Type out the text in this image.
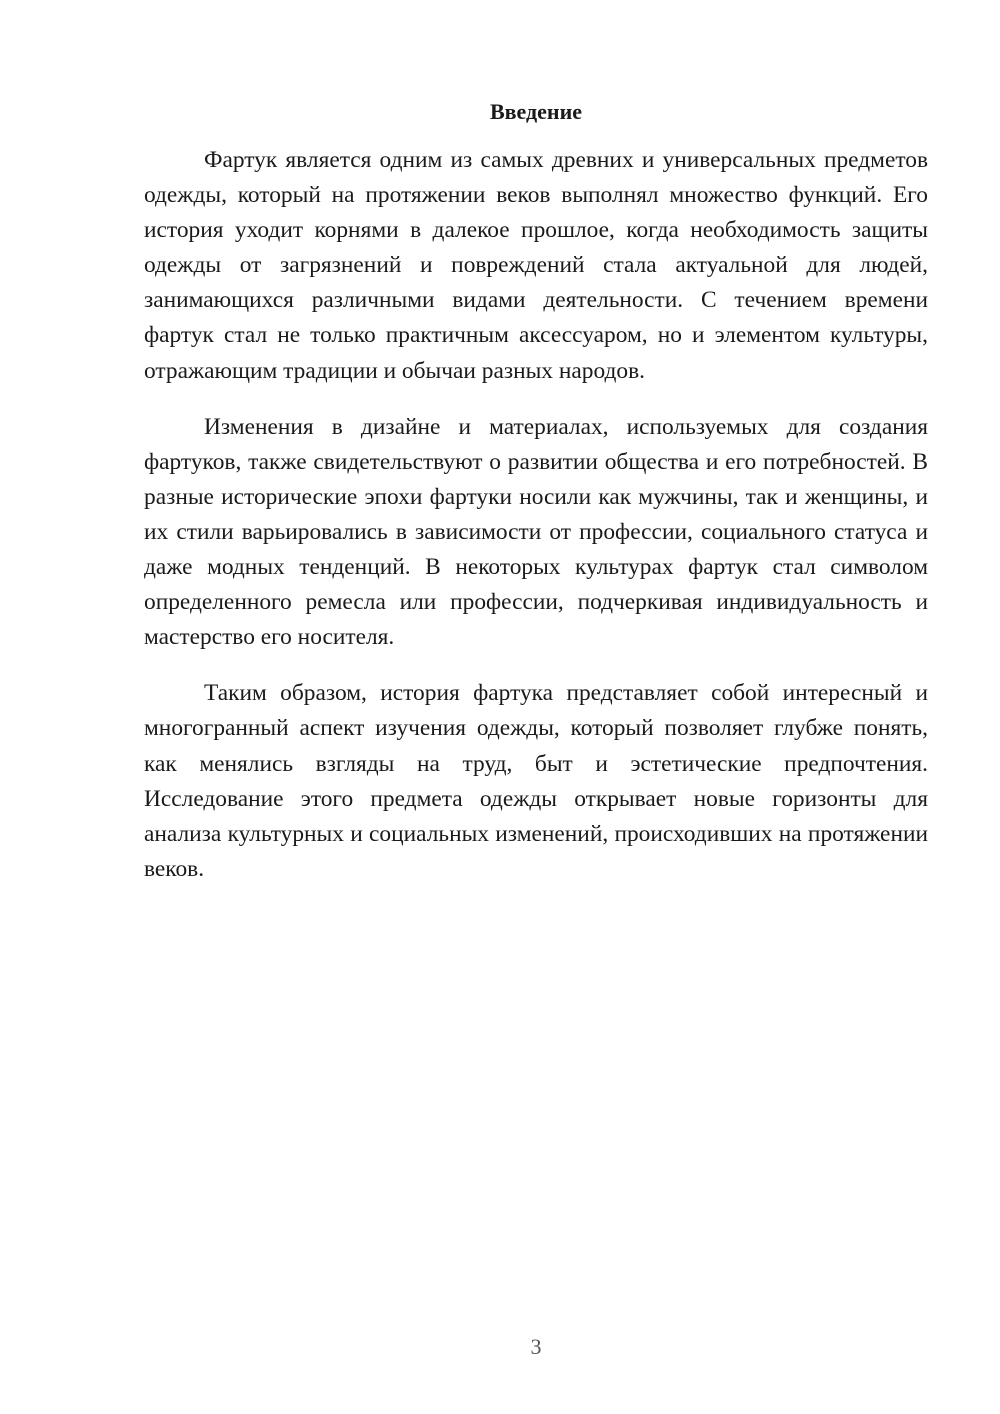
Введение

Фартук является одним из самых древних и универсальных предметов одежды, который на протяжении веков выполнял множество функций. Его история уходит корнями в далекое прошлое, когда необходимость защиты одежды от загрязнений и повреждений стала актуальной для людей, занимающихся различными видами деятельности. С течением времени фартук стал не только практичным аксессуаром, но и элементом культуры, отражающим традиции и обычаи разных народов.

Изменения в дизайне и материалах, используемых для создания фартуков, также свидетельствуют о развитии общества и его потребностей. В разные исторические эпохи фартуки носили как мужчины, так и женщины, и их стили варьировались в зависимости от профессии, социального статуса и даже модных тенденций. В некоторых культурах фартук стал символом определенного ремесла или профессии, подчеркивая индивидуальность и мастерство его носителя.

Таким образом, история фартука представляет собой интересный и многогранный аспект изучения одежды, который позволяет глубже понять, как менялись взгляды на труд, быт и эстетические предпочтения. Исследование этого предмета одежды открывает новые горизонты для анализа культурных и социальных изменений, происходивших на протяжении веков.

3
